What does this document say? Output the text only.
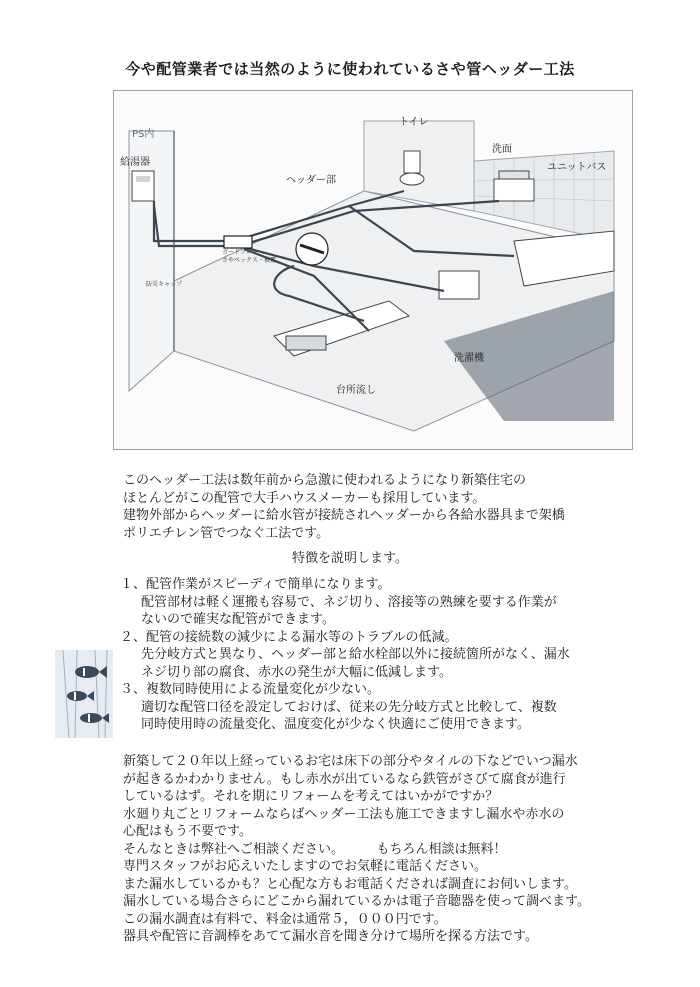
今や配管業者では当然のように使われているさや管ヘッダー工法
PS内
給湯器
ヘッダー部
トイレ
洗面
ユニットバス
洗濯機
台所流し
防災キャップ
ガードフレキ
さやペックス・被覆
このヘッダー工法は数年前から急激に使われるようになり新築住宅の
ほとんどがこの配管で大手ハウスメーカーも採用しています。
建物外部からヘッダーに給水管が接続されヘッダーから各給水器具まで架橋
ポリエチレン管でつなぐ工法です。
特徴を説明します。
１、配管作業がスピーディで簡単になります。
配管部材は軽く運搬も容易で、ネジ切り、溶接等の熟練を要する作業が
ないので確実な配管ができます。
２、配管の接続数の減少による漏水等のトラブルの低減。
先分岐方式と異なり、ヘッダー部と給水栓部以外に接続箇所がなく、漏水
ネジ切り部の腐食、赤水の発生が大幅に低減します。
３、複数同時使用による流量変化が少ない。
適切な配管口径を設定しておけば、従来の先分岐方式と比較して、複数
同時使用時の流量変化、温度変化が少なく快適にご使用できます。
新築して２０年以上経っているお宅は床下の部分やタイルの下などでいつ漏水
が起きるかわかりません。もし赤水が出ているなら鉄管がさびて腐食が進行
しているはず。それを期にリフォームを考えてはいかがですか？
水廻り丸ごとリフォームならばヘッダー工法も施工できますし漏水や赤水の
心配はもう不要です。
そんなときは弊社へご相談ください。　　　もちろん相談は無料！
専門スタッフがお応えいたしますのでお気軽に電話ください。
また漏水しているかも？と心配な方もお電話くだされば調査にお伺いします。
漏水している場合さらにどこから漏れているかは電子音聴器を使って調べます。
この漏水調査は有料で、料金は通常５，０００円です。
器具や配管に音調棒をあてて漏水音を聞き分けて場所を探る方法です。
